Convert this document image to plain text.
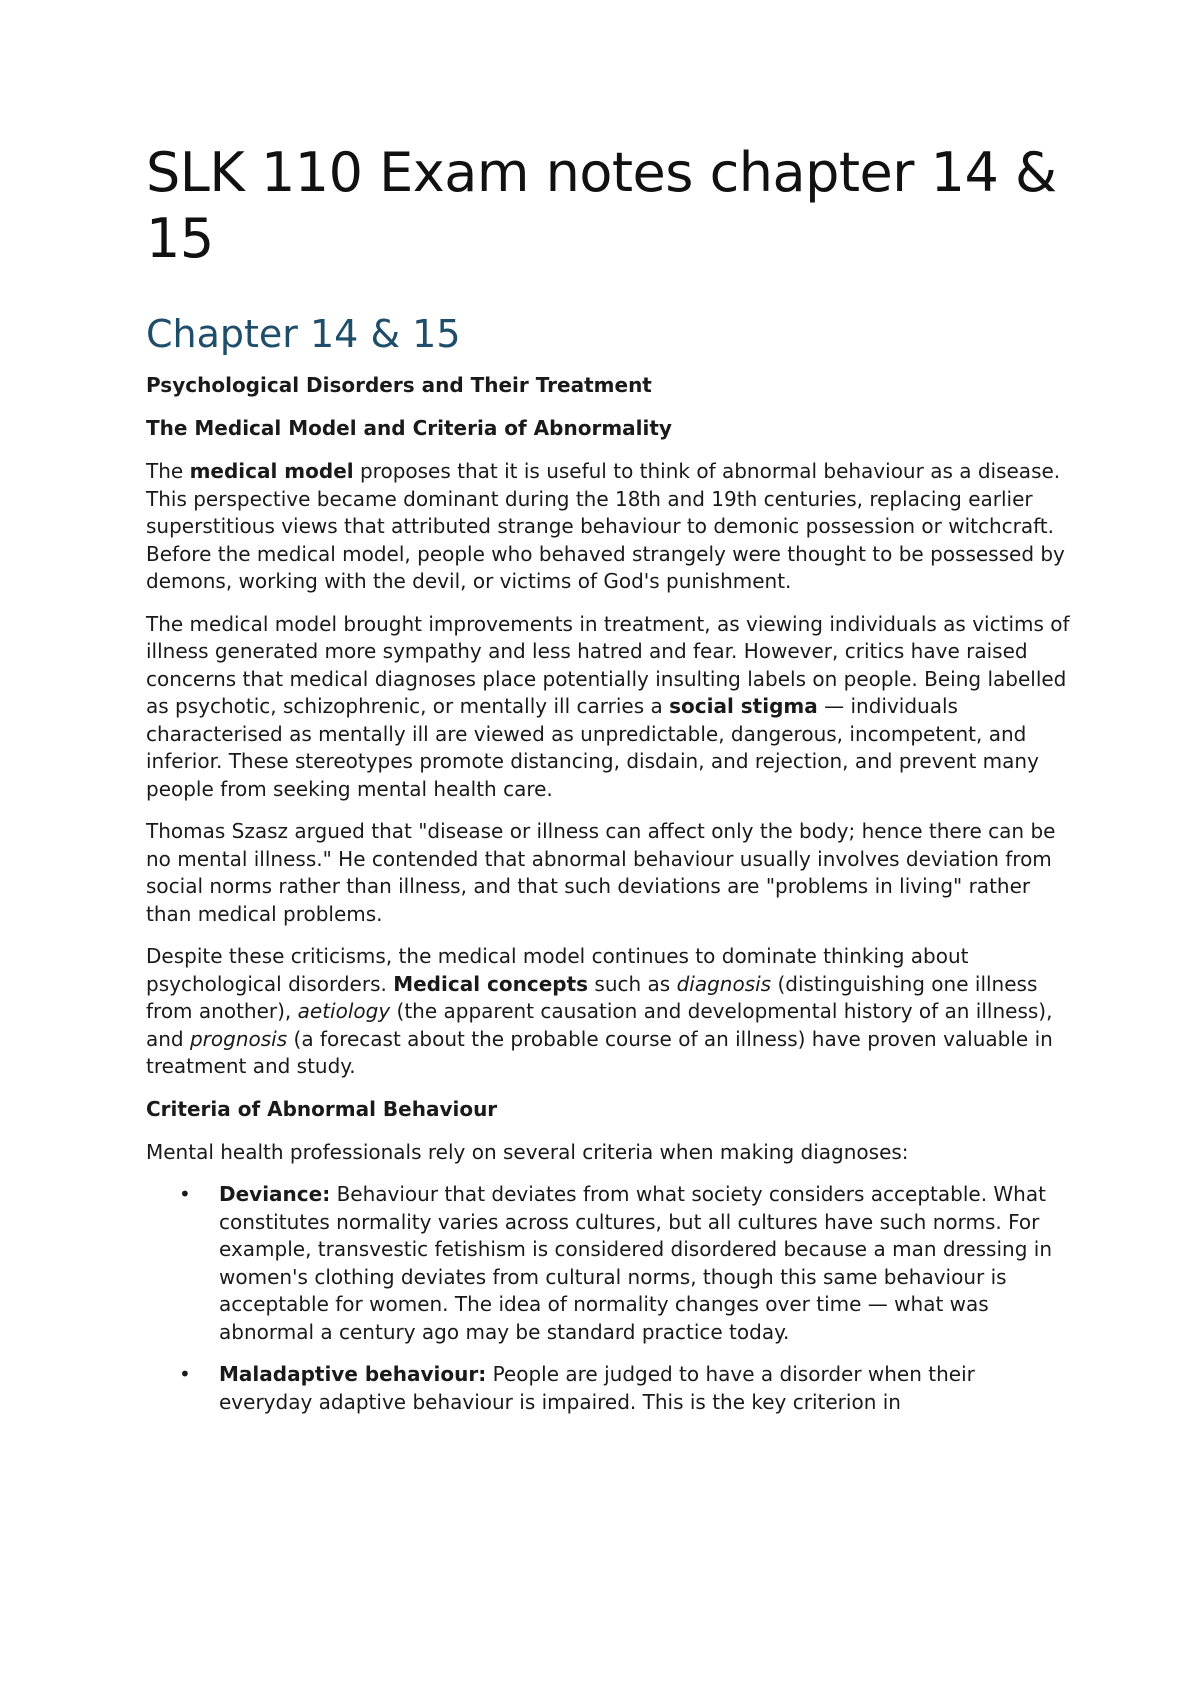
SLK 110 Exam notes chapter 14 & 15
Chapter 14 & 15
Psychological Disorders and Their Treatment
The Medical Model and Criteria of Abnormality

The medical model proposes that it is useful to think of abnormal behaviour as a disease. This perspective became dominant during the 18th and 19th centuries, replacing earlier superstitious views that attributed strange behaviour to demonic possession or witchcraft. Before the medical model, people who behaved strangely were thought to be possessed by demons, working with the devil, or victims of God's punishment.

The medical model brought improvements in treatment, as viewing individuals as victims of illness generated more sympathy and less hatred and fear. However, critics have raised concerns that medical diagnoses place potentially insulting labels on people. Being labelled as psychotic, schizophrenic, or mentally ill carries a social stigma — individuals characterised as mentally ill are viewed as unpredictable, dangerous, incompetent, and inferior. These stereotypes promote distancing, disdain, and rejection, and prevent many people from seeking mental health care.

Thomas Szasz argued that "disease or illness can affect only the body; hence there can be no mental illness." He contended that abnormal behaviour usually involves deviation from social norms rather than illness, and that such deviations are "problems in living" rather than medical problems.

Despite these criticisms, the medical model continues to dominate thinking about psychological disorders. Medical concepts such as diagnosis (distinguishing one illness from another), aetiology (the apparent causation and developmental history of an illness), and prognosis (a forecast about the probable course of an illness) have proven valuable in treatment and study.

Criteria of Abnormal Behaviour

Mental health professionals rely on several criteria when making diagnoses:

• Deviance: Behaviour that deviates from what society considers acceptable. What constitutes normality varies across cultures, but all cultures have such norms. For example, transvestic fetishism is considered disordered because a man dressing in women's clothing deviates from cultural norms, though this same behaviour is acceptable for women. The idea of normality changes over time — what was abnormal a century ago may be standard practice today.
• Maladaptive behaviour: People are judged to have a disorder when their everyday adaptive behaviour is impaired. This is the key criterion in
